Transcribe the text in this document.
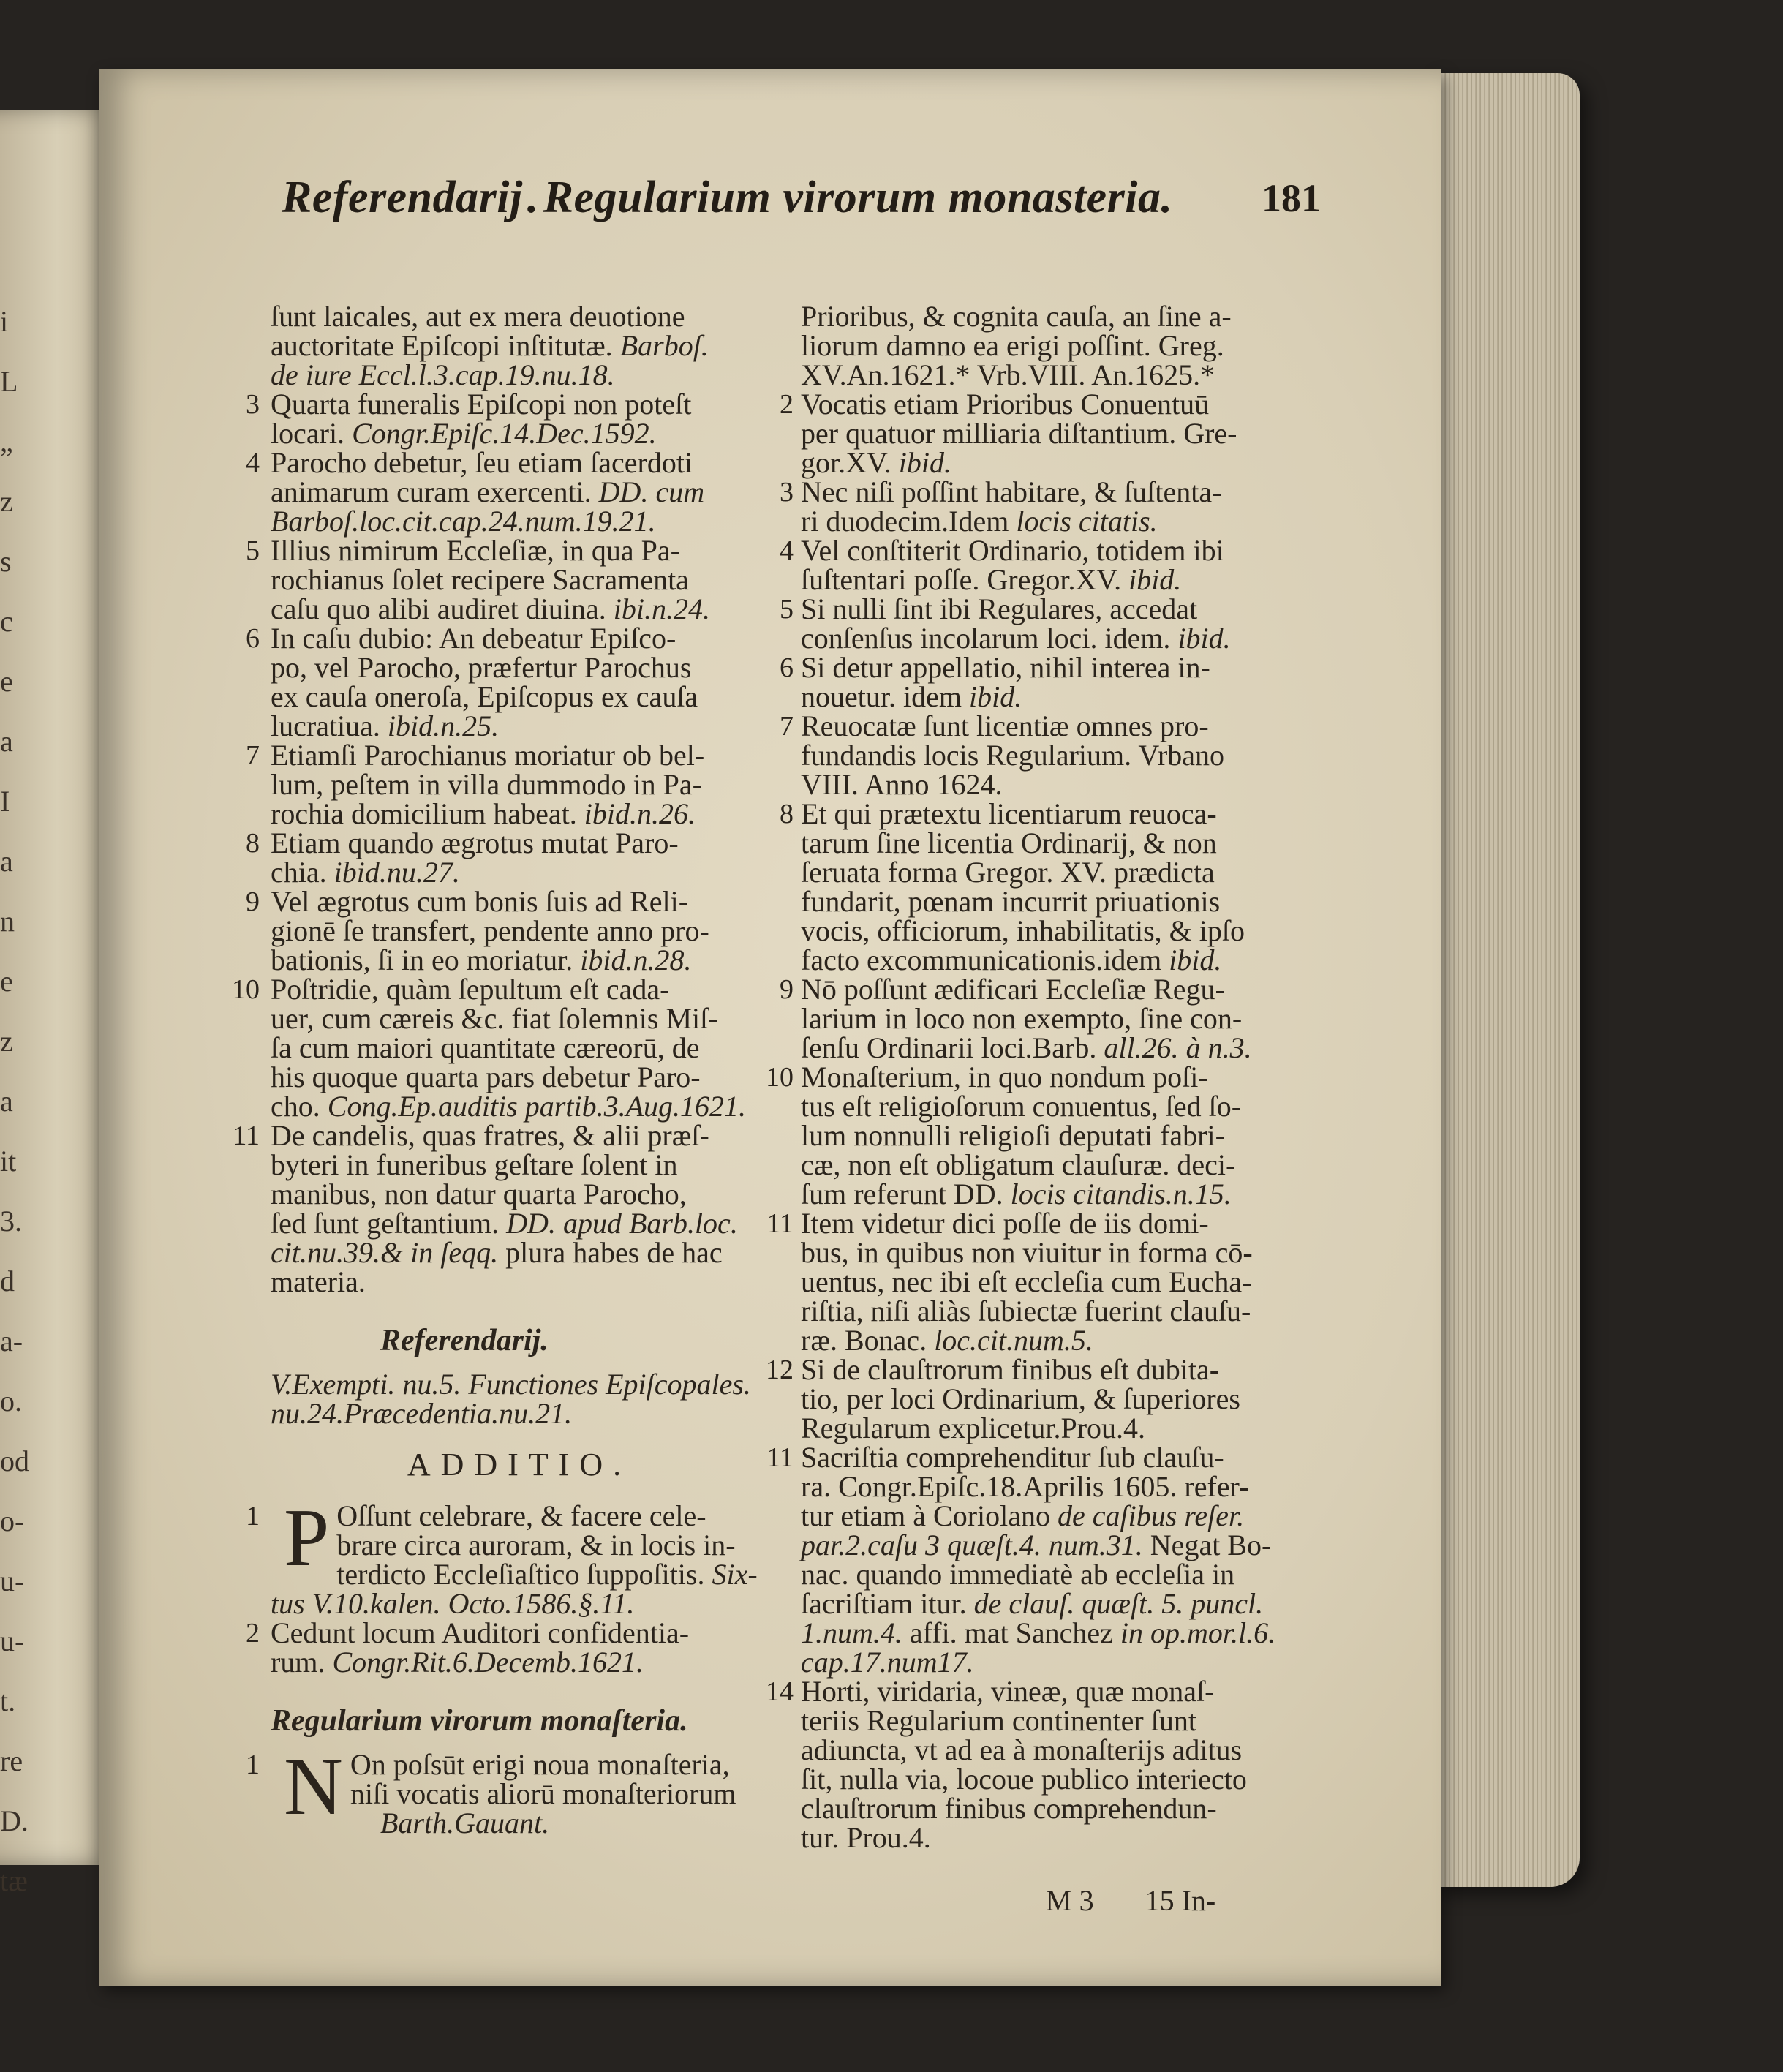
i
L
„
z
s
c
e
a
I
a
n
e
z
a
it
3.
d
a-
o.
od
o-
u-
u-
t.
re
D.
tæ
Referendarij.Regularium virorum monasteria.	181
ſunt laicales, aut ex mera deuotione
auctoritate Epiſcopi inſtitutæ. Barboſ.
de iure Eccl.l.3.cap.19.nu.18.
3 Quarta funeralis Epiſcopi non poteſt
locari. Congr.Epiſc.14.Dec.1592.
4 Parocho debetur, ſeu etiam ſacerdoti
animarum curam exercenti. DD. cum
Barboſ.loc.cit.cap.24.num.19.21.
5 Illius nimirum Eccleſiæ, in qua Pa-
rochianus ſolet recipere Sacramenta
caſu quo alibi audiret diuina. ibi.n.24.
6 In caſu dubio: An debeatur Epiſco-
po, vel Parocho, præfertur Parochus
ex cauſa oneroſa, Epiſcopus ex cauſa
lucratiua. ibid.n.25.
7 Etiamſi Parochianus moriatur ob bel-
lum, peſtem in villa dummodo in Pa-
rochia domicilium habeat. ibid.n.26.
8 Etiam quando ægrotus mutat Paro-
chia. ibid.nu.27.
9 Vel ægrotus cum bonis ſuis ad Reli-
gionē ſe transfert, pendente anno pro-
bationis, ſi in eo moriatur. ibid.n.28.
10 Poſtridie, quàm ſepultum eſt cada-
uer, cum cæreis &c. fiat ſolemnis Miſ-
ſa cum maiori quantitate cæreorū, de
his quoque quarta pars debetur Paro-
cho. Cong.Ep.auditis partib.3.Aug.1621.
11 De candelis, quas fratres, & alii præſ-
byteri in funeribus geſtare ſolent in
manibus, non datur quarta Parocho,
ſed ſunt geſtantium. DD. apud Barb.loc.
cit.nu.39.& in ſeqq. plura habes de hac
materia.
Referendarij.
V.Exempti. nu.5. Functiones Epiſcopales.
nu.24.Præcedentia.nu.21.
ADDITIO.
1 P Oſſunt celebrare, & facere cele-
brare circa auroram, & in locis in-
terdicto Eccleſiaſtico ſuppoſitis. Six-
tus V.10.kalen. Octo.1586.§.11.
2 Cedunt locum Auditori confidentia-
rum. Congr.Rit.6.Decemb.1621.
Regularium virorum monaſteria.
1 N On poſsūt erigi noua monaſteria,
niſi vocatis aliorū monaſteriorum
Barth.Gauant.
Prioribus, & cognita cauſa, an ſine a-
liorum damno ea erigi poſſint. Greg.
XV.An.1621.* Vrb.VIII. An.1625.*
2 Vocatis etiam Prioribus Conuentuū
per quatuor milliaria diſtantium. Gre-
gor.XV. ibid.
3 Nec niſi poſſint habitare, & ſuſtenta-
ri duodecim.Idem locis citatis.
4 Vel conſtiterit Ordinario, totidem ibi
ſuſtentari poſſe. Gregor.XV. ibid.
5 Si nulli ſint ibi Regulares, accedat
conſenſus incolarum loci. idem. ibid.
6 Si detur appellatio, nihil interea in-
nouetur. idem ibid.
7 Reuocatæ ſunt licentiæ omnes pro-
fundandis locis Regularium. Vrbano
VIII. Anno 1624.
8 Et qui prætextu licentiarum reuoca-
tarum ſine licentia Ordinarij, & non
ſeruata forma Gregor. XV. prædicta
fundarit, pœnam incurrit priuationis
vocis, officiorum, inhabilitatis, & ipſo
facto excommunicationis.idem ibid.
9 Nō poſſunt ædificari Eccleſiæ Regu-
larium in loco non exempto, ſine con-
ſenſu Ordinarii loci.Barb. all.26. à n.3.
10 Monaſterium, in quo nondum poſi-
tus eſt religioſorum conuentus, ſed ſo-
lum nonnulli religioſi deputati fabri-
cæ, non eſt obligatum clauſuræ. deci-
ſum referunt DD. locis citandis.n.15.
11 Item videtur dici poſſe de iis domi-
bus, in quibus non viuitur in forma cō-
uentus, nec ibi eſt eccleſia cum Eucha-
riſtia, niſi aliàs ſubiectæ fuerint clauſu-
ræ. Bonac. loc.cit.num.5.
12 Si de clauſtrorum finibus eſt dubita-
tio, per loci Ordinarium, & ſuperiores
Regularum explicetur.Prou.4.
11 Sacriſtia comprehenditur ſub clauſu-
ra. Congr.Epiſc.18.Aprilis 1605. refer-
tur etiam à Coriolano de caſibus reſer.
par.2.caſu 3 quæſt.4. num.31. Negat Bo-
nac. quando immediatè ab eccleſia in
ſacriſtiam itur. de clauſ. quæſt. 5. puncl.
1.num.4. affi. mat Sanchez in op.mor.l.6.
cap.17.num17.
14 Horti, viridaria, vineæ, quæ monaſ-
teriis Regularium continenter ſunt
adiuncta, vt ad ea à monaſterijs aditus
ſit, nulla via, locoue publico interiecto
clauſtrorum finibus comprehendun-
tur. Prou.4.
M 3 15 In-
